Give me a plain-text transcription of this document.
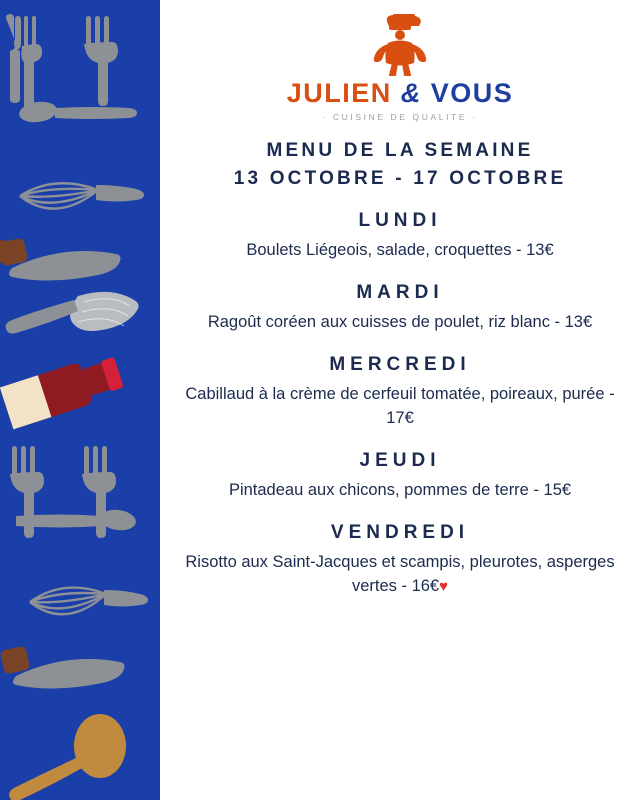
JULIEN & VOUS
· CUISINE DE QUALITE ·
MENU DE LA SEMAINE
13 OCTOBRE - 17 OCTOBRE
LUNDI
Boulets Liégeois, salade, croquettes - 13€
MARDI
Ragoût coréen aux cuisses de poulet, riz blanc - 13€
MERCREDI
Cabillaud à la crème de cerfeuil tomatée, poireaux, purée - 17€
JEUDI
Pintadeau aux chicons, pommes de terre - 15€
VENDREDI
Risotto aux Saint-Jacques et scampis, pleurotes, asperges vertes - 16€♥
